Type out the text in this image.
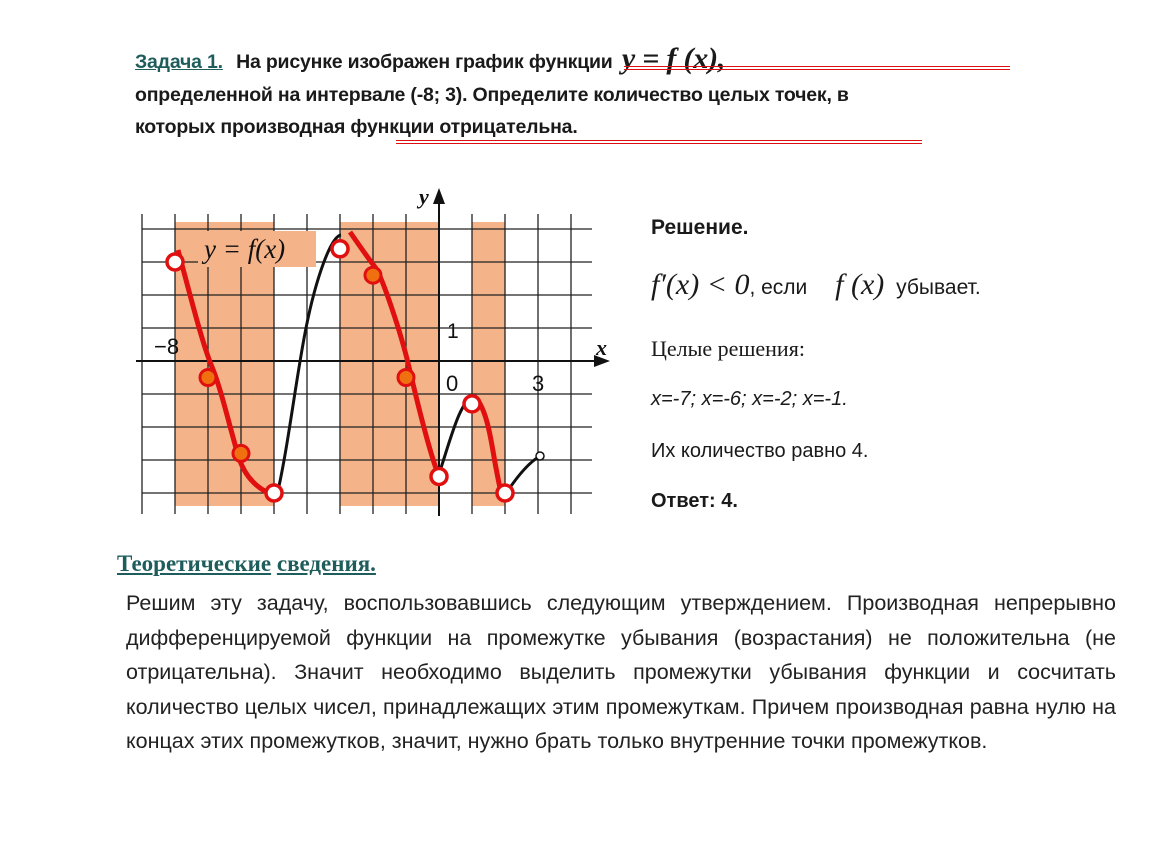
Задача 1. На рисунке изображен график функции y = f (x),
определенной на интервале (-8; 3). Определите количество целых точек, в
которых производная функции отрицательна.
y = f(x)
y
x
−8
1
0	3
Решение.
f′(x) < 0, если f (x) убывает.
Целые решения:
x=-7; x=-6; x=-2; x=-1.
Их количество равно 4.
Ответ: 4.
Теоретические сведения.
Решим эту задачу, воспользовавшись следующим утверждением. Производная непрерывно дифференцируемой функции на промежутке убывания (возрастания) не положительна (не отрицательна). Значит необходимо выделить промежутки убывания функции и сосчитать количество целых чисел, принадлежащих этим промежуткам. Причем производная равна нулю на концах этих промежутков, значит, нужно брать только внутренние точки промежутков.
